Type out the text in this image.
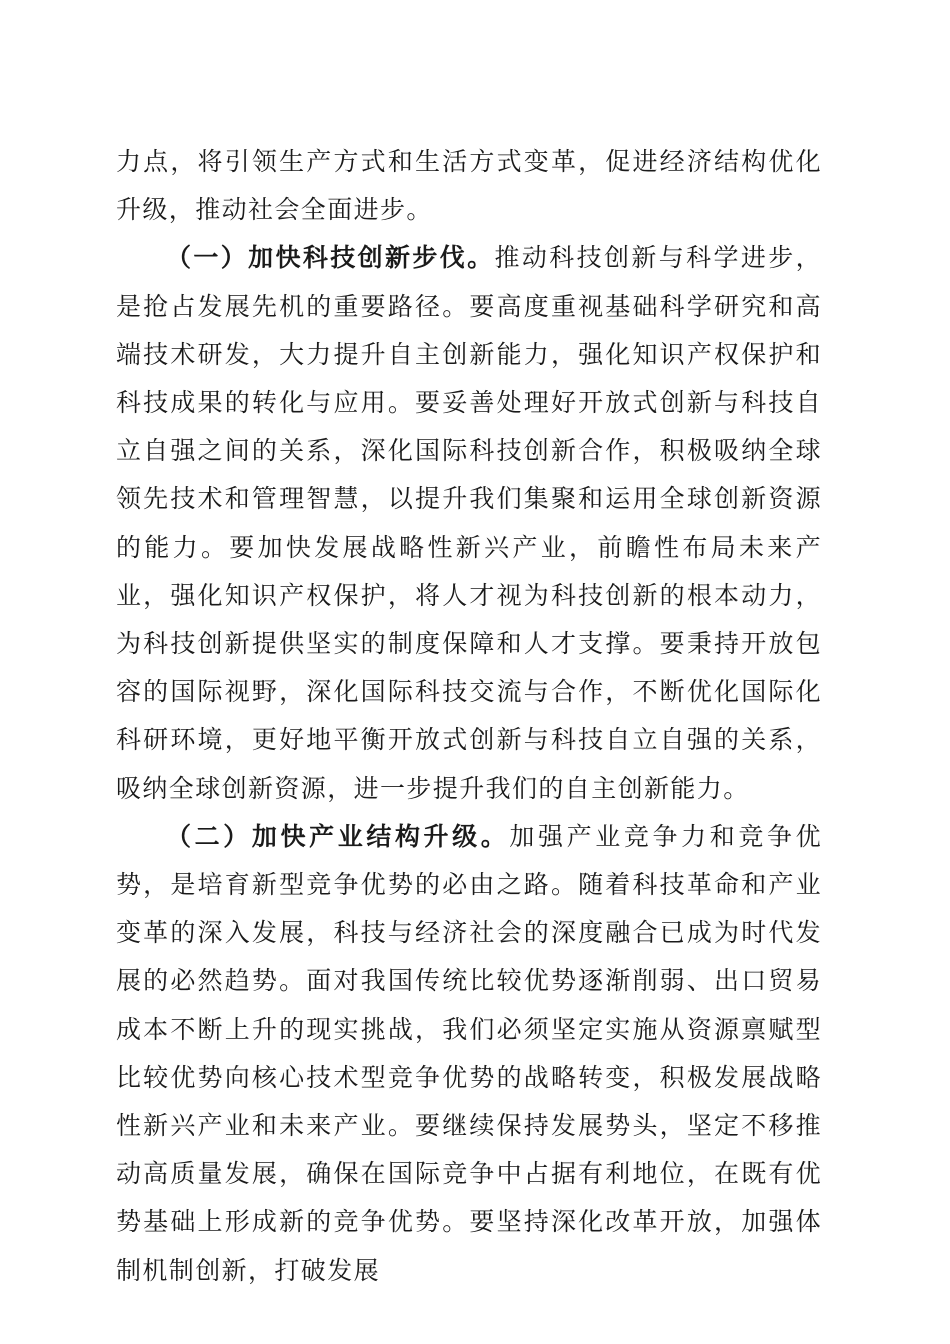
力点，将引领生产方式和生活方式变革，促进经济结构优化升级，推动社会全面进步。

（一）加快科技创新步伐。推动科技创新与科学进步，是抢占发展先机的重要路径。要高度重视基础科学研究和高端技术研发，大力提升自主创新能力，强化知识产权保护和科技成果的转化与应用。要妥善处理好开放式创新与科技自立自强之间的关系，深化国际科技创新合作，积极吸纳全球领先技术和管理智慧，以提升我们集聚和运用全球创新资源的能力。要加快发展战略性新兴产业，前瞻性布局未来产业，强化知识产权保护，将人才视为科技创新的根本动力，为科技创新提供坚实的制度保障和人才支撑。要秉持开放包容的国际视野，深化国际科技交流与合作，不断优化国际化科研环境，更好地平衡开放式创新与科技自立自强的关系，吸纳全球创新资源，进一步提升我们的自主创新能力。

（二）加快产业结构升级。加强产业竞争力和竞争优势，是培育新型竞争优势的必由之路。随着科技革命和产业变革的深入发展，科技与经济社会的深度融合已成为时代发展的必然趋势。面对我国传统比较优势逐渐削弱、出口贸易成本不断上升的现实挑战，我们必须坚定实施从资源禀赋型比较优势向核心技术型竞争优势的战略转变，积极发展战略性新兴产业和未来产业。要继续保持发展势头，坚定不移推动高质量发展，确保在国际竞争中占据有利地位，在既有优势基础上形成新的竞争优势。要坚持深化改革开放，加强体制机制创新，打破发展
